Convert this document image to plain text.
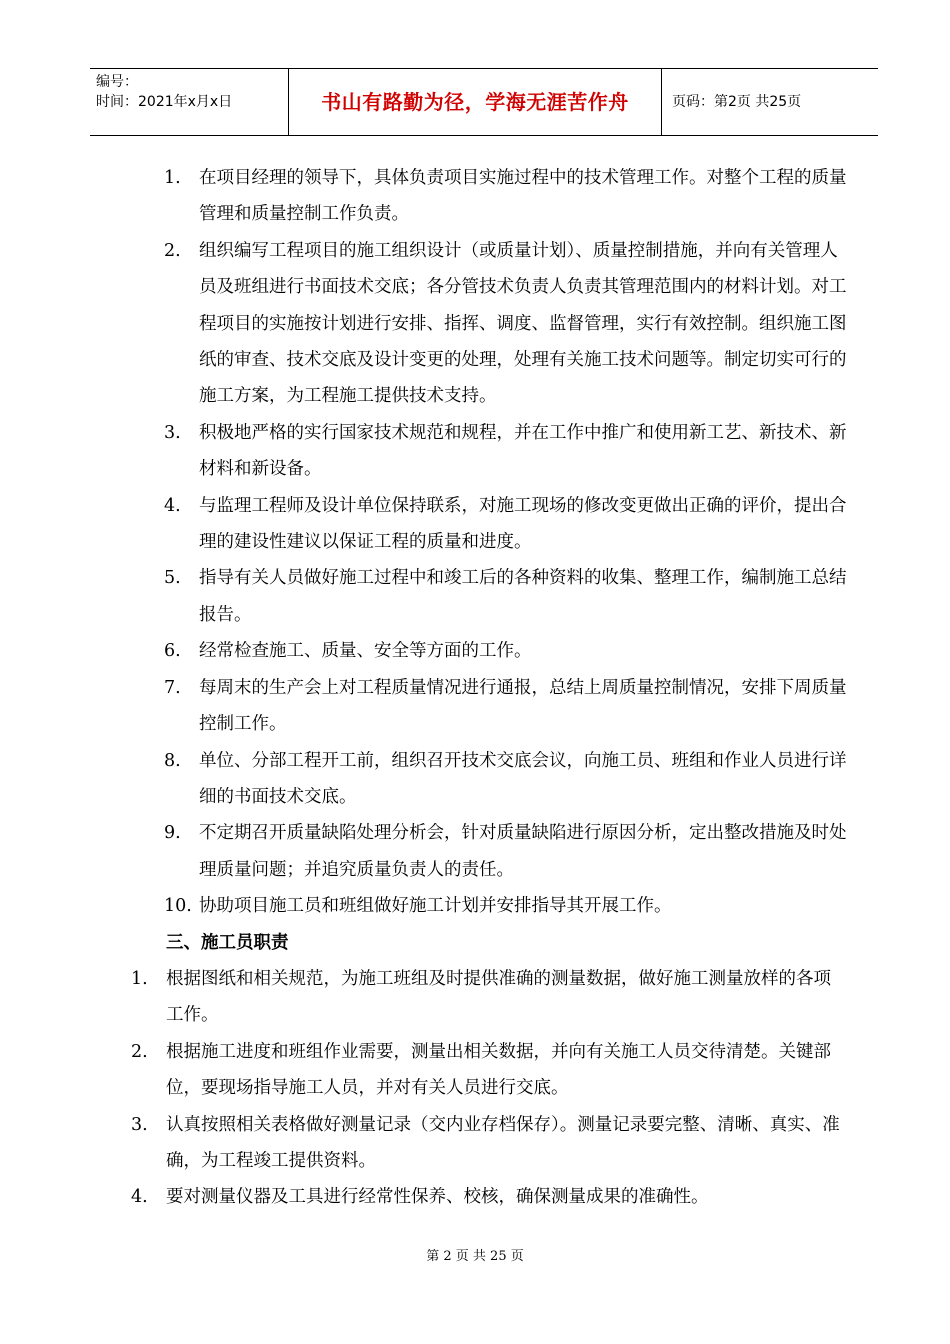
编号：
时间：2021年x月x日	书山有路勤为径，学海无涯苦作舟	页码：第2页 共25页
1.	在项目经理的领导下，具体负责项目实施过程中的技术管理工作。对整个工程的质量管理和质量控制工作负责。
2.	组织编写工程项目的施工组织设计（或质量计划）、质量控制措施，并向有关管理人员及班组进行书面技术交底；各分管技术负责人负责其管理范围内的材料计划。对工程项目的实施按计划进行安排、指挥、调度、监督管理，实行有效控制。组织施工图纸的审查、技术交底及设计变更的处理，处理有关施工技术问题等。制定切实可行的施工方案，为工程施工提供技术支持。
3.	积极地严格的实行国家技术规范和规程，并在工作中推广和使用新工艺、新技术、新材料和新设备。
4.	与监理工程师及设计单位保持联系，对施工现场的修改变更做出正确的评价，提出合理的建设性建议以保证工程的质量和进度。
5.	指导有关人员做好施工过程中和竣工后的各种资料的收集、整理工作，编制施工总结报告。
6.	经常检查施工、质量、安全等方面的工作。
7.	每周末的生产会上对工程质量情况进行通报，总结上周质量控制情况，安排下周质量控制工作。
8.	单位、分部工程开工前，组织召开技术交底会议，向施工员、班组和作业人员进行详细的书面技术交底。
9.	不定期召开质量缺陷处理分析会，针对质量缺陷进行原因分析，定出整改措施及时处理质量问题；并追究质量负责人的责任。
10. 协助项目施工员和班组做好施工计划并安排指导其开展工作。
三、施工员职责
1.	根据图纸和相关规范，为施工班组及时提供准确的测量数据，做好施工测量放样的各项工作。
2.	根据施工进度和班组作业需要，测量出相关数据，并向有关施工人员交待清楚。关键部位，要现场指导施工人员，并对有关人员进行交底。
3.	认真按照相关表格做好测量记录（交内业存档保存）。测量记录要完整、清晰、真实、准确，为工程竣工提供资料。
4.	要对测量仪器及工具进行经常性保养、校核，确保测量成果的准确性。
第 2 页 共 25 页
